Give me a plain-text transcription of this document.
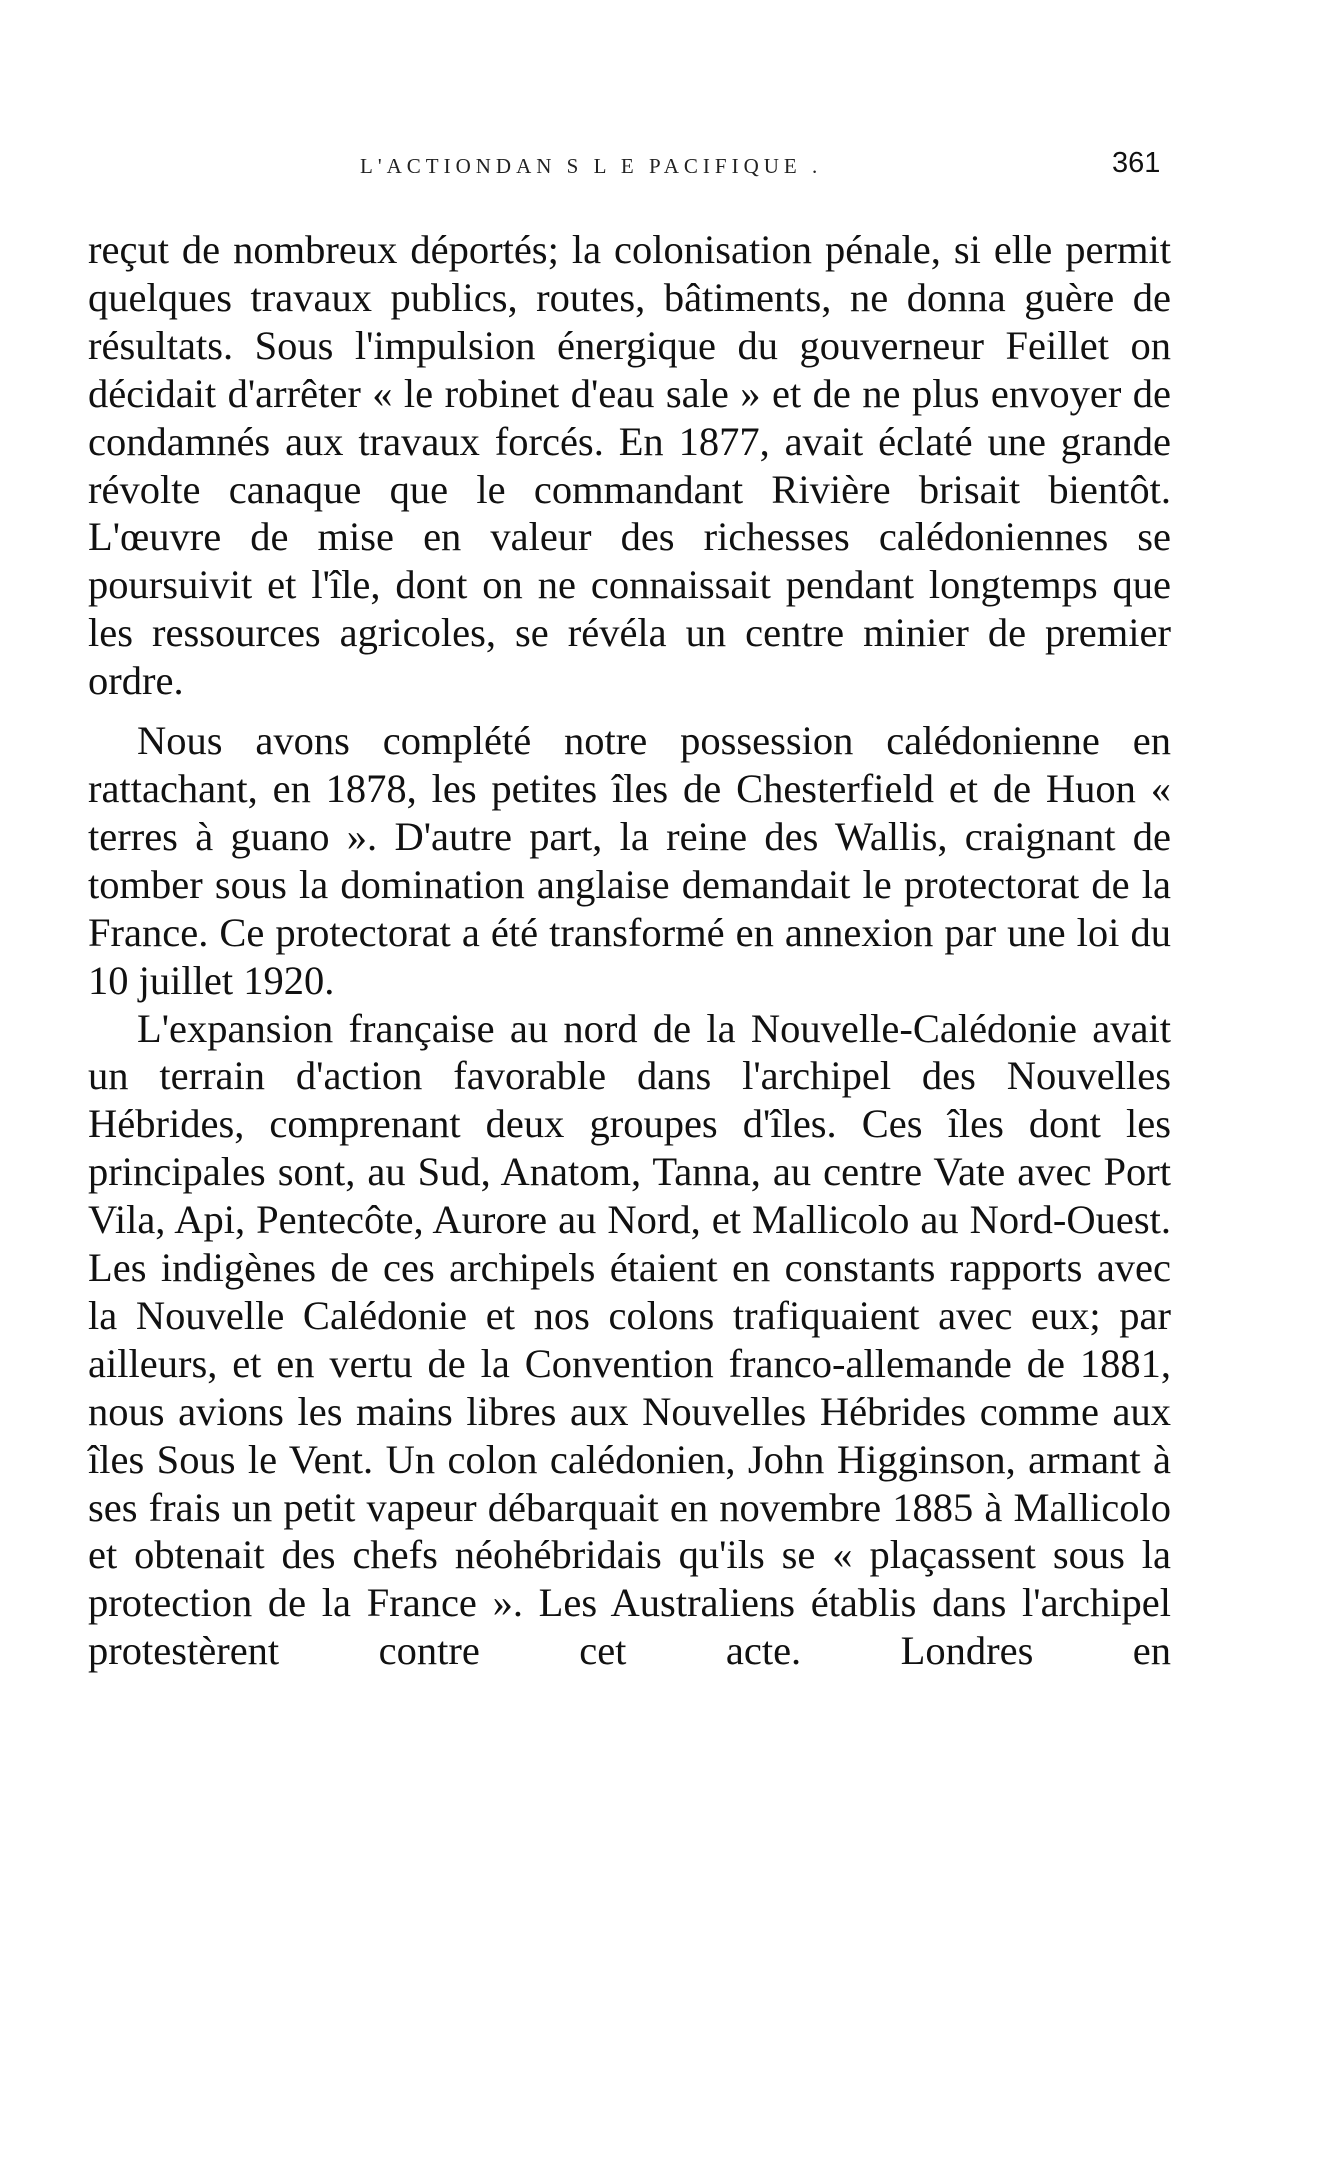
L'ACTIONDAN S L E PACIFIQUE .	361

reçut de nombreux déportés; la colonisation pénale, si elle permit quelques travaux publics, routes, bâtiments, ne donna guère de résultats. Sous l'impulsion énergique du gouverneur Feillet on décidait d'arrêter « le robinet d'eau sale » et de ne plus envoyer de condamnés aux travaux forcés. En 1877, avait éclaté une grande révolte canaque que le commandant Rivière brisait bientôt. L'œuvre de mise en valeur des richesses calédoniennes se poursuivit et l'île, dont on ne connaissait pendant longtemps que les ressources agricoles, se révéla un centre minier de premier ordre.

Nous avons complété notre possession calédonienne en rattachant, en 1878, les petites îles de Chesterfield et de Huon « terres à guano ». D'autre part, la reine des Wallis, craignant de tomber sous la domination anglaise demandait le protectorat de la France. Ce protectorat a été transformé en annexion par une loi du 10 juillet 1920.

L'expansion française au nord de la Nouvelle-Calédonie avait un terrain d'action favorable dans l'archipel des Nouvelles Hébrides, comprenant deux groupes d'îles. Ces îles dont les principales sont, au Sud, Anatom, Tanna, au centre Vate avec Port Vila, Api, Pentecôte, Aurore au Nord, et Mallicolo au Nord-Ouest. Les indigènes de ces archipels étaient en constants rapports avec la Nouvelle Calédonie et nos colons trafiquaient avec eux; par ailleurs, et en vertu de la Convention franco-allemande de 1881, nous avions les mains libres aux Nouvelles Hébrides comme aux îles Sous le Vent. Un colon calédonien, John Higginson, armant à ses frais un petit vapeur débarquait en novembre 1885 à Mallicolo et obtenait des chefs néohébridais qu'ils se « plaçassent sous la protection de la France ». Les Australiens établis dans l'archipel protestèrent contre cet acte. Londres en
